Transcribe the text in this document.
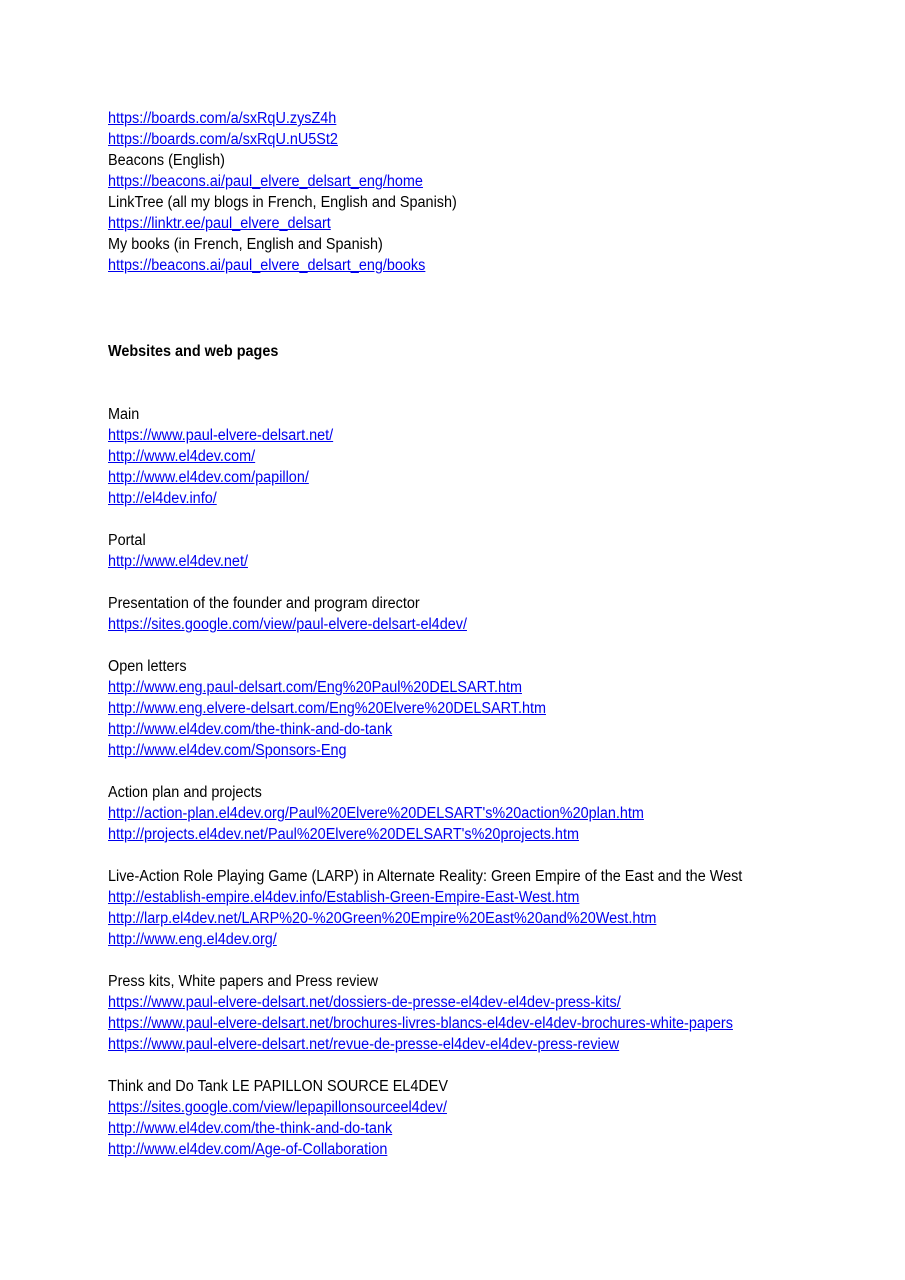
https://boards.com/a/sxRqU.zysZ4h
https://boards.com/a/sxRqU.nU5St2
Beacons (English)
https://beacons.ai/paul_elvere_delsart_eng/home
LinkTree (all my blogs in French, English and Spanish)
https://linktr.ee/paul_elvere_delsart
My books (in French, English and Spanish)
https://beacons.ai/paul_elvere_delsart_eng/books
Websites and web pages
Main
https://www.paul-elvere-delsart.net/
http://www.el4dev.com/
http://www.el4dev.com/papillon/
http://el4dev.info/
Portal
http://www.el4dev.net/
Presentation of the founder and program director
https://sites.google.com/view/paul-elvere-delsart-el4dev/
Open letters
http://www.eng.paul-delsart.com/Eng%20Paul%20DELSART.htm
http://www.eng.elvere-delsart.com/Eng%20Elvere%20DELSART.htm
http://www.el4dev.com/the-think-and-do-tank
http://www.el4dev.com/Sponsors-Eng
Action plan and projects
http://action-plan.el4dev.org/Paul%20Elvere%20DELSART's%20action%20plan.htm
http://projects.el4dev.net/Paul%20Elvere%20DELSART's%20projects.htm
Live-Action Role Playing Game (LARP) in Alternate Reality: Green Empire of the East and the West
http://establish-empire.el4dev.info/Establish-Green-Empire-East-West.htm
http://larp.el4dev.net/LARP%20-%20Green%20Empire%20East%20and%20West.htm
http://www.eng.el4dev.org/
Press kits, White papers and Press review
https://www.paul-elvere-delsart.net/dossiers-de-presse-el4dev-el4dev-press-kits/
https://www.paul-elvere-delsart.net/brochures-livres-blancs-el4dev-el4dev-brochures-white-papers
https://www.paul-elvere-delsart.net/revue-de-presse-el4dev-el4dev-press-review
Think and Do Tank LE PAPILLON SOURCE EL4DEV
https://sites.google.com/view/lepapillonsourceel4dev/
http://www.el4dev.com/the-think-and-do-tank
http://www.el4dev.com/Age-of-Collaboration
